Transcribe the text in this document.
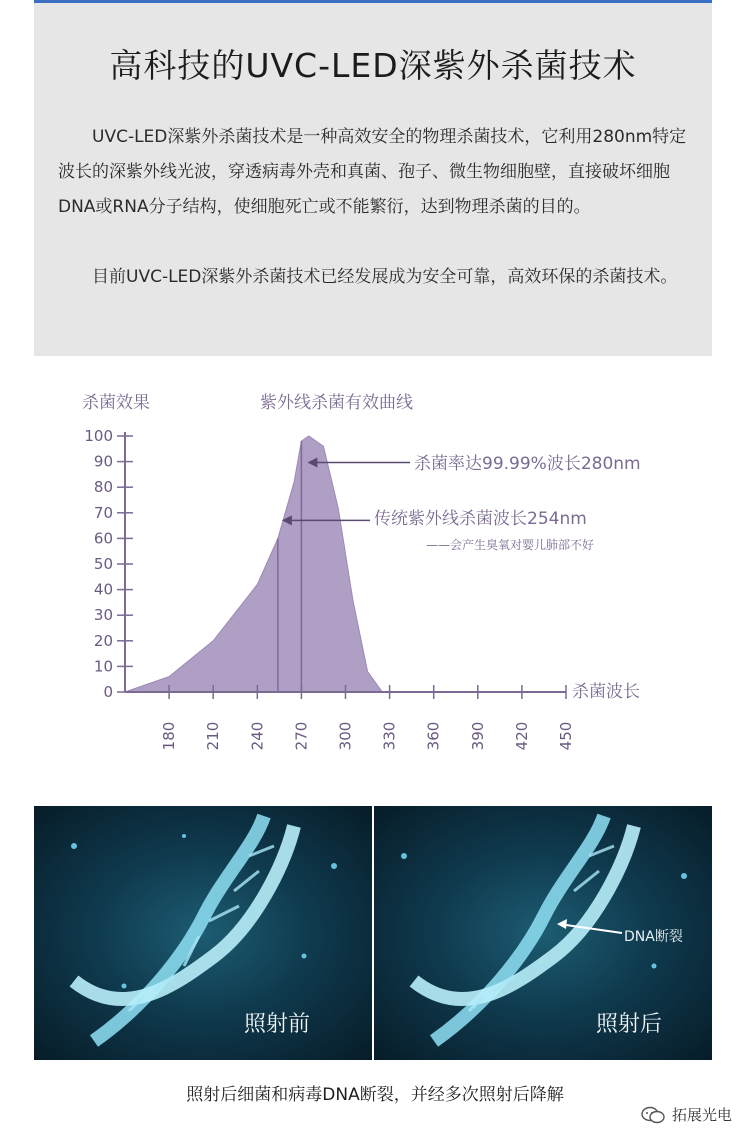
高科技的UVC-LED深紫外杀菌技术
UVC-LED深紫外杀菌技术是一种高效安全的物理杀菌技术，它利用280nm特定波长的深紫外线光波，穿透病毒外壳和真菌、孢子、微生物细胞壁，直接破坏细胞DNA或RNA分子结构，使细胞死亡或不能繁衍，达到物理杀菌的目的。
目前UVC-LED深紫外杀菌技术已经发展成为安全可靠，高效环保的杀菌技术。
杀菌效果	紫外线杀菌有效曲线
杀菌波长
0
10
20
30
40
50
60
70
80
90
100
180 210 240 270 300 330 360 390 420 450
杀菌率达99.99%波长280nm
传统紫外线杀菌波长254nm
——会产生臭氧对婴儿肺部不好
照射前
DNA断裂
照射后
照射后细菌和病毒DNA断裂，并经多次照射后降解
拓展光电
